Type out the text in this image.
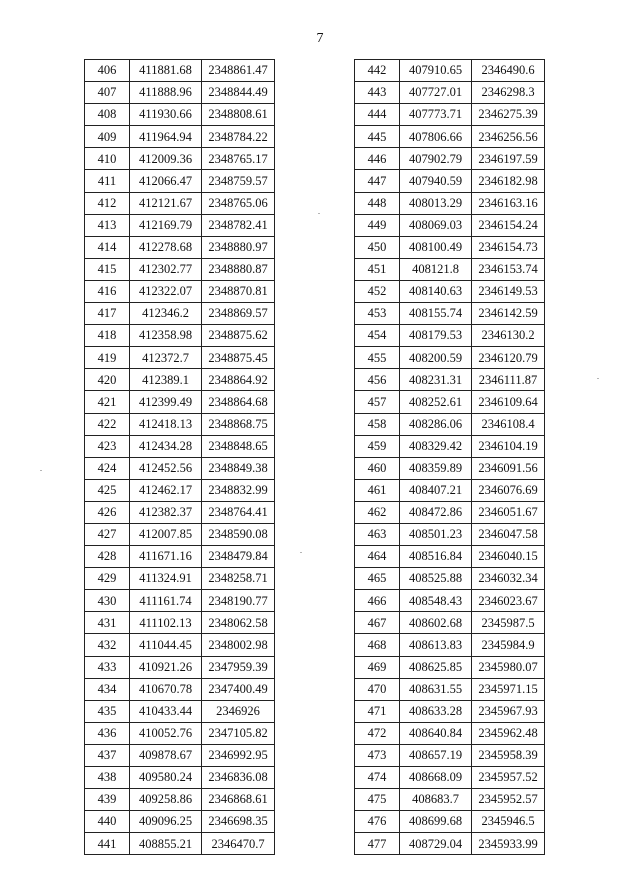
7
406	411881.68	2348861.47
407	411888.96	2348844.49
408	411930.66	2348808.61
409	411964.94	2348784.22
410	412009.36	2348765.17
411	412066.47	2348759.57
412	412121.67	2348765.06
413	412169.79	2348782.41
414	412278.68	2348880.97
415	412302.77	2348880.87
416	412322.07	2348870.81
417	412346.2	2348869.57
418	412358.98	2348875.62
419	412372.7	2348875.45
420	412389.1	2348864.92
421	412399.49	2348864.68
422	412418.13	2348868.75
423	412434.28	2348848.65
424	412452.56	2348849.38
425	412462.17	2348832.99
426	412382.37	2348764.41
427	412007.85	2348590.08
428	411671.16	2348479.84
429	411324.91	2348258.71
430	411161.74	2348190.77
431	411102.13	2348062.58
432	411044.45	2348002.98
433	410921.26	2347959.39
434	410670.78	2347400.49
435	410433.44	2346926
436	410052.76	2347105.82
437	409878.67	2346992.95
438	409580.24	2346836.08
439	409258.86	2346868.61
440	409096.25	2346698.35
441	408855.21	2346470.7
442	407910.65	2346490.6
443	407727.01	2346298.3
444	407773.71	2346275.39
445	407806.66	2346256.56
446	407902.79	2346197.59
447	407940.59	2346182.98
448	408013.29	2346163.16
449	408069.03	2346154.24
450	408100.49	2346154.73
451	408121.8	2346153.74
452	408140.63	2346149.53
453	408155.74	2346142.59
454	408179.53	2346130.2
455	408200.59	2346120.79
456	408231.31	2346111.87
457	408252.61	2346109.64
458	408286.06	2346108.4
459	408329.42	2346104.19
460	408359.89	2346091.56
461	408407.21	2346076.69
462	408472.86	2346051.67
463	408501.23	2346047.58
464	408516.84	2346040.15
465	408525.88	2346032.34
466	408548.43	2346023.67
467	408602.68	2345987.5
468	408613.83	2345984.9
469	408625.85	2345980.07
470	408631.55	2345971.15
471	408633.28	2345967.93
472	408640.84	2345962.48
473	408657.19	2345958.39
474	408668.09	2345957.52
475	408683.7	2345952.57
476	408699.68	2345946.5
477	408729.04	2345933.99
